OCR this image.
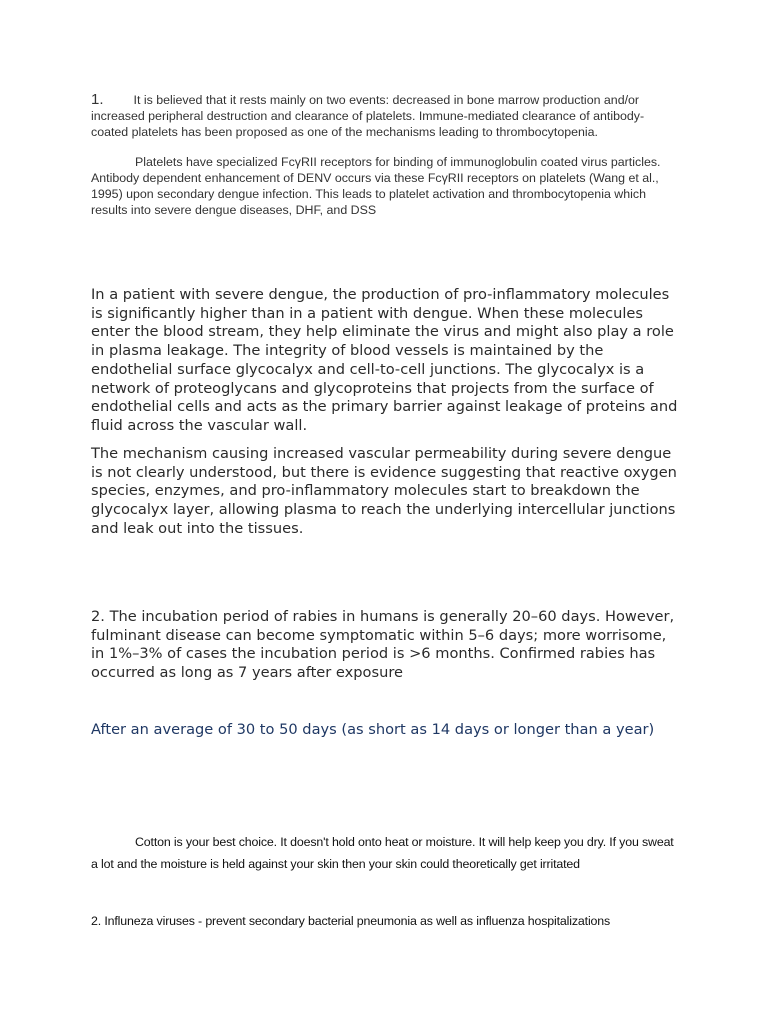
1. It is believed that it rests mainly on two events: decreased in bone marrow production and/or increased peripheral destruction and clearance of platelets. Immune-mediated clearance of antibody-coated platelets has been proposed as one of the mechanisms leading to thrombocytopenia.

Platelets have specialized FcγRII receptors for binding of immunoglobulin coated virus particles. Antibody dependent enhancement of DENV occurs via these FcγRII receptors on platelets (Wang et al., 1995) upon secondary dengue infection. This leads to platelet activation and thrombocytopenia which results into severe dengue diseases, DHF, and DSS

In a patient with severe dengue, the production of pro-inflammatory molecules is significantly higher than in a patient with dengue. When these molecules enter the blood stream, they help eliminate the virus and might also play a role in plasma leakage. The integrity of blood vessels is maintained by the endothelial surface glycocalyx and cell-to-cell junctions. The glycocalyx is a network of proteoglycans and glycoproteins that projects from the surface of endothelial cells and acts as the primary barrier against leakage of proteins and fluid across the vascular wall.

The mechanism causing increased vascular permeability during severe dengue is not clearly understood, but there is evidence suggesting that reactive oxygen species, enzymes, and pro-inflammatory molecules start to breakdown the glycocalyx layer, allowing plasma to reach the underlying intercellular junctions and leak out into the tissues.

2. The incubation period of rabies in humans is generally 20–60 days. However, fulminant disease can become symptomatic within 5–6 days; more worrisome, in 1%–3% of cases the incubation period is >6 months. Confirmed rabies has occurred as long as 7 years after exposure

After an average of 30 to 50 days (as short as 14 days or longer than a year)

Cotton is your best choice. It doesn't hold onto heat or moisture. It will help keep you dry. If you sweat a lot and the moisture is held against your skin then your skin could theoretically get irritated

2. Influneza viruses - prevent secondary bacterial pneumonia as well as influenza hospitalizations
